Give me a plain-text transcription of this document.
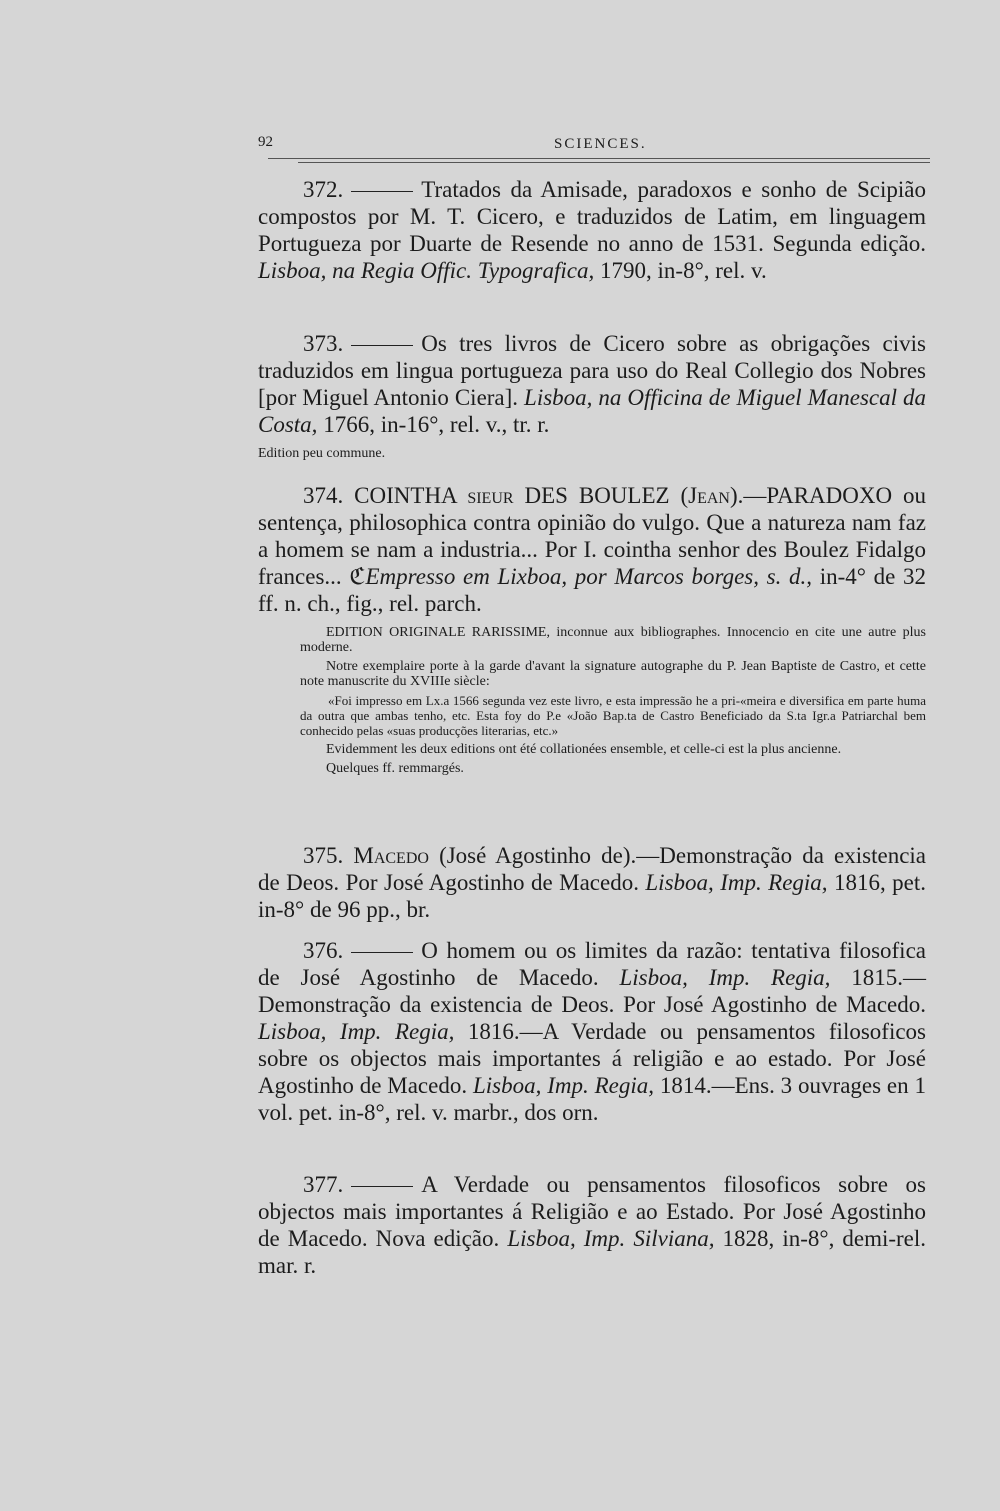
92	SCIENCES.

372.	Tratados da Amisade, paradoxos e sonho de Scipião compostos por M. T. Cicero, e traduzidos de Latim, em linguagem Portugueza por Duarte de Resende no anno de 1531. Segunda edição. Lisboa, na Regia Offic. Typografica, 1790, in-8°, rel. v.

373.	Os tres livros de Cicero sobre as obrigações civis traduzidos em lingua portugueza para uso do Real Collegio dos Nobres [por Miguel Antonio Ciera]. Lisboa, na Officina de Miguel Manescal da Costa, 1766, in-16°, rel. v., tr. r.

Edition peu commune.

374. COINTHA sieur DES BOULEZ (Jean).—PARADOXO ou sentença, philosophica contra opinião do vulgo. Que a natureza nam faz a homem se nam a industria... Por I. cointha senhor des Boulez Fidalgo frances... ℭEmpresso em Lixboa, por Marcos borges, s. d., in-4° de 32 ff. n. ch., fig., rel. parch.

EDITION ORIGINALE RARISSIME, inconnue aux bibliographes. Innocencio en cite une autre plus moderne.

Notre exemplaire porte à la garde d'avant la signature autographe du P. Jean Baptiste de Castro, et cette note manuscrite du XVIIIe siècle:

«Foi impresso em Lx.a 1566 segunda vez este livro, e esta impressão he a pri-«meira e diversifica em parte huma da outra que ambas tenho, etc. Esta foy do P.e «João Bap.ta de Castro Beneficiado da S.ta Igr.a Patriarchal bem conhecido pelas «suas producções literarias, etc.»

Evidemment les deux editions ont été collationées ensemble, et celle-ci est la plus ancienne.

Quelques ff. remmargés.

375. Macedo (José Agostinho de).—Demonstração da existencia de Deos. Por José Agostinho de Macedo. Lisboa, Imp. Regia, 1816, pet. in-8° de 96 pp., br.

376.	O homem ou os limites da razão: tentativa filosofica de José Agostinho de Macedo. Lisboa, Imp. Regia, 1815.— Demonstração da existencia de Deos. Por José Agostinho de Macedo. Lisboa, Imp. Regia, 1816.—A Verdade ou pensamentos filosoficos sobre os objectos mais importantes á religião e ao estado. Por José Agostinho de Macedo. Lisboa, Imp. Regia, 1814.—Ens. 3 ouvrages en 1 vol. pet. in-8°, rel. v. marbr., dos orn.

377.	A Verdade ou pensamentos filosoficos sobre os objectos mais importantes á Religião e ao Estado. Por José Agostinho de Macedo. Nova edição. Lisboa, Imp. Silviana, 1828, in-8°, demi-rel. mar. r.
